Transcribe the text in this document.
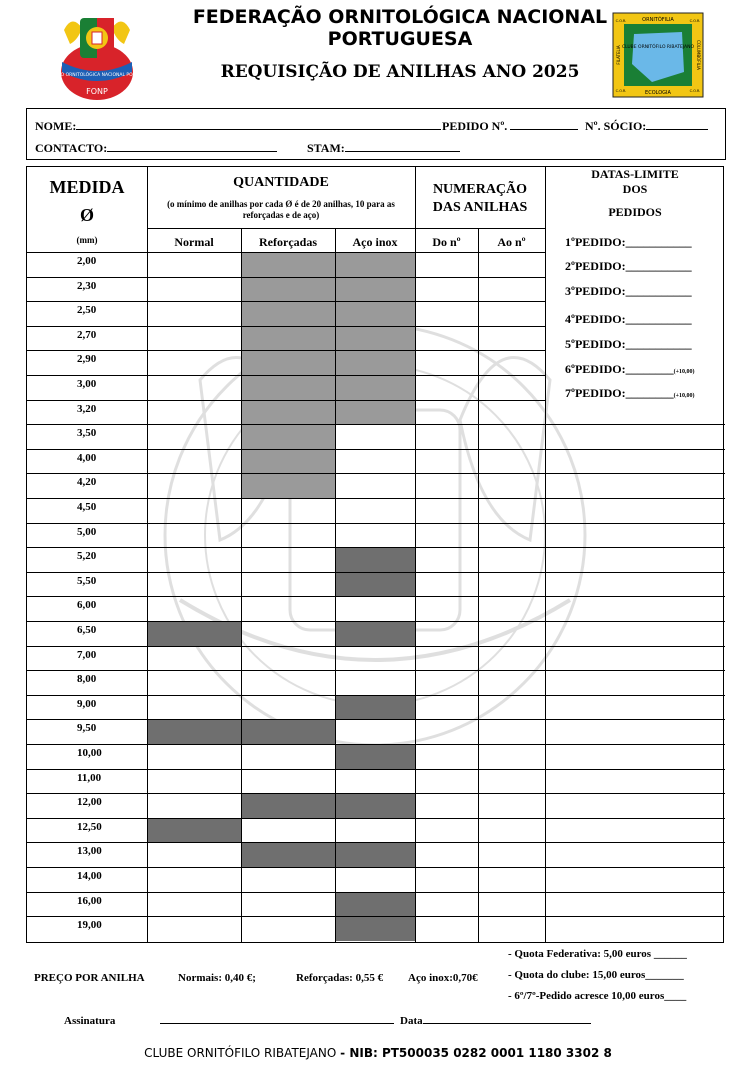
FEDERAÇÃO ORNITOLÓGICA NACIONAL PORTUGUESA
FONP
ORNITÓFILIA
ECOLOGIA
FILATELIA	COLUMBÓFILIA
CLUBE ORNITÓFILO RIBATEJANO
C.O.R.	C.O.R.
C.O.R.	C.O.R.
FEDERAÇÃO ORNITOLÓGICA NACIONAL
PORTUGUESA
REQUISIÇÃO DE ANILHAS ANO 2025
NOME:	PEDIDO Nº.	Nº. SÓCIO:
CONTACTO:	STAM:
MEDIDA
Ø
(mm)
QUANTIDADE
(o mínimo de anilhas por cada Ø é de 20 anilhas, 10 para as reforçadas e de aço)
Normal	Reforçadas	Aço inox
NUMERAÇÃO DAS ANILHAS
Do nº	Ao nº
DATAS-LIMITE
DOS
PEDIDOS
2,00
2,30
2,50
2,70
2,90
3,00
3,20
3,50
4,00
4,20
4,50
5,00
5,20
5,50
6,00
6,50
7,00
8,00
9,00
9,50
10,00
11,00
12,00
12,50
13,00
14,00
16,00
19,00
1ºPEDIDO:___________
2ºPEDIDO:___________
3ºPEDIDO:___________
4ºPEDIDO:___________
5ºPEDIDO:___________
6ºPEDIDO:________(+10,00)
7ºPEDIDO:________(+10,00)
- Quota Federativa: 5,00 euros ______
- Quota do clube: 15,00 euros_______
- 6º/7º-Pedido acresce 10,00 euros____
PREÇO POR ANILHA	Normais: 0,40 €;	Reforçadas: 0,55 € Aço inox:0,70€
Assinatura	Data
CLUBE ORNITÓFILO RIBATEJANO - NIB: PT500035 0282 0001 1180 3302 8
